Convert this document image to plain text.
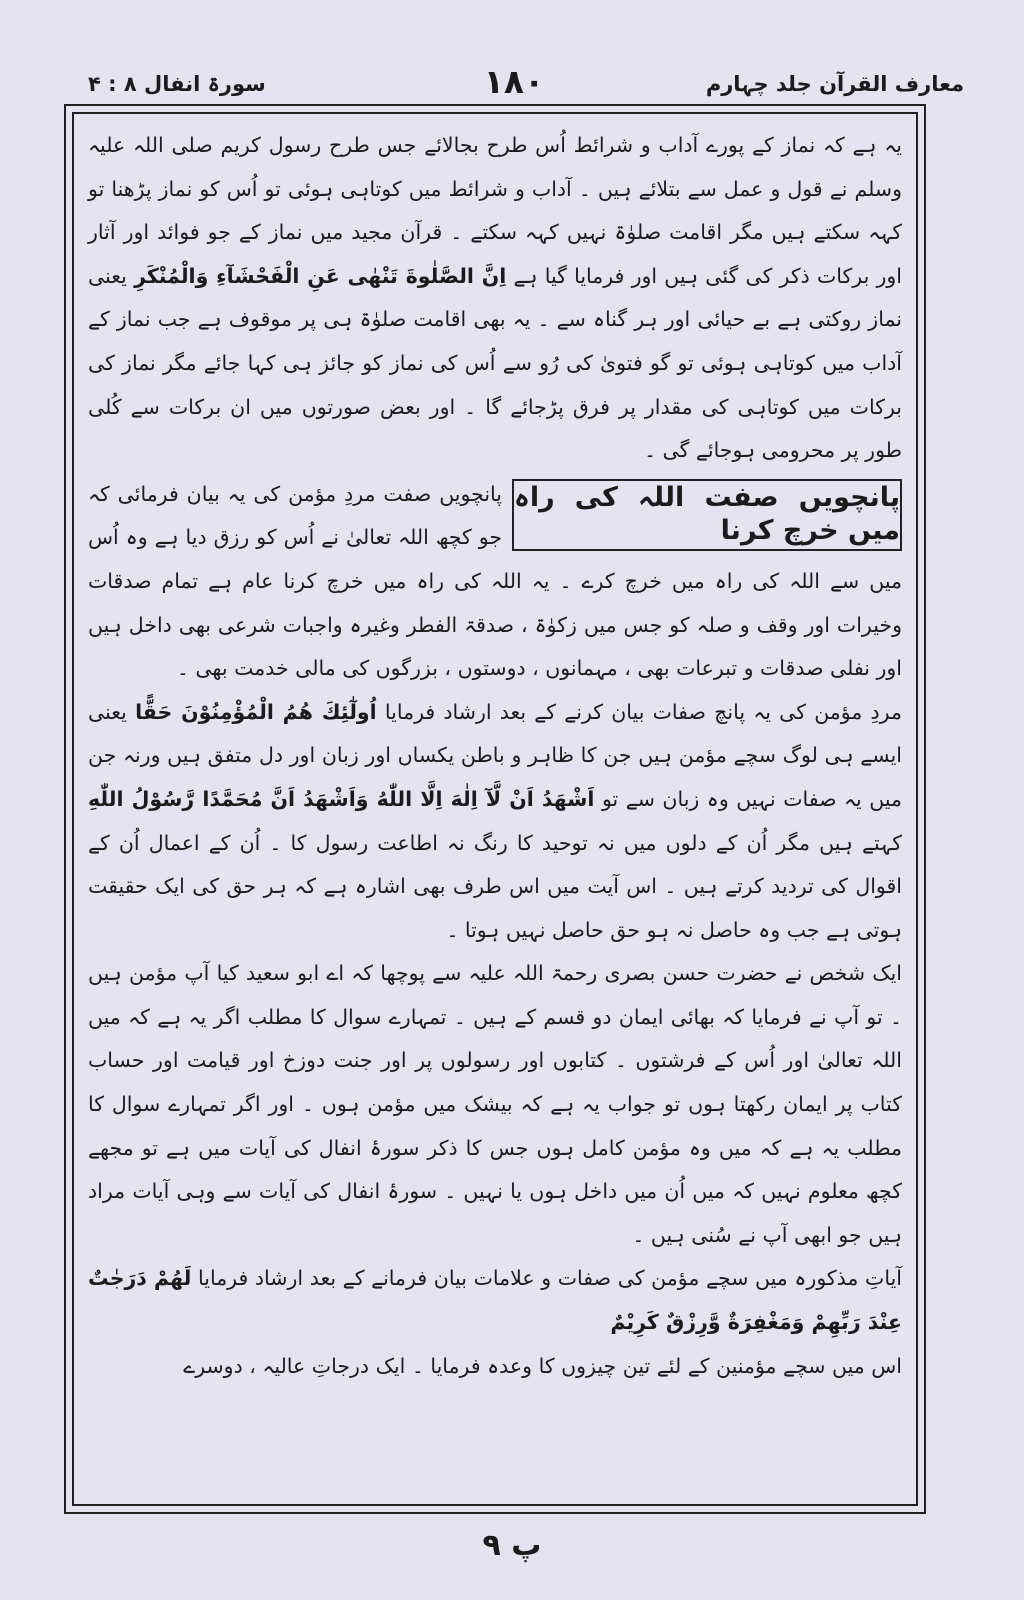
معارف القرآن جلد چہارم
۱۸۰
سورۃ انفال ۸ : ۴

یہ ہے کہ نماز کے پورے آداب و شرائط اُس طرح بجالائے جس طرح رسول کریم صلی اللہ علیہ وسلم نے قول و عمل سے بتلائے ہیں ۔ آداب و شرائط میں کوتاہی ہوئی تو اُس کو نماز پڑھنا تو کہہ سکتے ہیں مگر اقامت صلوٰۃ نہیں کہہ سکتے ۔ قرآن مجید میں نماز کے جو فوائد اور آثار اور برکات ذکر کی گئی ہیں اور فرمایا گیا ہے اِنَّ الصَّلٰوةَ تَنْهٰى عَنِ الْفَحْشَآءِ وَالْمُنْكَرِ یعنی نماز روکتی ہے بے حیائی اور ہر گناہ سے ۔ یہ بھی اقامت صلوٰۃ ہی پر موقوف ہے جب نماز کے آداب میں کوتاہی ہوئی تو گو فتویٰ کی رُو سے اُس کی نماز کو جائز ہی کہا جائے مگر نماز کی برکات میں کوتاہی کی مقدار پر فرق پڑجائے گا ۔ اور بعض صورتوں میں ان برکات سے کُلی طور پر محرومی ہوجائے گی ۔

پانچویں صفت اللہ کی راہ میں خرچ کرنا

پانچویں صفت مردِ مؤمن کی یہ بیان فرمائی کہ جو کچھ اللہ تعالیٰ نے اُس کو رزق دیا ہے وہ اُس میں سے اللہ کی راہ میں خرچ کرے ۔ یہ اللہ کی راہ میں خرچ کرنا عام ہے تمام صدقات وخیرات اور وقف و صلہ کو جس میں زکوٰۃ ، صدقۃ الفطر وغیرہ واجبات شرعی بھی داخل ہیں اور نفلی صدقات و تبرعات بھی ، مہمانوں ، دوستوں ، بزرگوں کی مالی خدمت بھی ۔

مردِ مؤمن کی یہ پانچ صفات بیان کرنے کے بعد ارشاد فرمایا اُولٰٓئِكَ هُمُ الْمُؤْمِنُوْنَ حَقًّا یعنی ایسے ہی لوگ سچے مؤمن ہیں جن کا ظاہر و باطن یکساں اور زبان اور دل متفق ہیں ورنہ جن میں یہ صفات نہیں وہ زبان سے تو اَشْهَدُ اَنْ لَّآ اِلٰهَ اِلَّا اللّٰهُ وَاَشْهَدُ اَنَّ مُحَمَّدًا رَّسُوْلُ اللّٰهِ کہتے ہیں مگر اُن کے دلوں میں نہ توحید کا رنگ نہ اطاعت رسول کا ۔ اُن کے اعمال اُن کے اقوال کی تردید کرتے ہیں ۔ اس آیت میں اس طرف بھی اشارہ ہے کہ ہر حق کی ایک حقیقت ہوتی ہے جب وہ حاصل نہ ہو حق حاصل نہیں ہوتا ۔

ایک شخص نے حضرت حسن بصری رحمۃ اللہ علیہ سے پوچھا کہ اے ابو سعید کیا آپ مؤمن ہیں ۔ تو آپ نے فرمایا کہ بھائی ایمان دو قسم کے ہیں ۔ تمہارے سوال کا مطلب اگر یہ ہے کہ میں اللہ تعالیٰ اور اُس کے فرشتوں ۔ کتابوں اور رسولوں پر اور جنت دوزخ اور قیامت اور حساب کتاب پر ایمان رکھتا ہوں تو جواب یہ ہے کہ بیشک میں مؤمن ہوں ۔ اور اگر تمہارے سوال کا مطلب یہ ہے کہ میں وہ مؤمن کامل ہوں جس کا ذکر سورۂ انفال کی آیات میں ہے تو مجھے کچھ معلوم نہیں کہ میں اُن میں داخل ہوں یا نہیں ۔ سورۂ انفال کی آیات سے وہی آیات مراد ہیں جو ابھی آپ نے سُنی ہیں ۔

آیاتِ مذکورہ میں سچے مؤمن کی صفات و علامات بیان فرمانے کے بعد ارشاد فرمایا لَهُمْ دَرَجٰتٌ عِنْدَ رَبِّهِمْ وَمَغْفِرَةٌ وَّرِزْقٌ كَرِيْمٌ

اس میں سچے مؤمنین کے لئے تین چیزوں کا وعدہ فرمایا ۔ ایک درجاتِ عالیہ ، دوسرے

۹ پ
